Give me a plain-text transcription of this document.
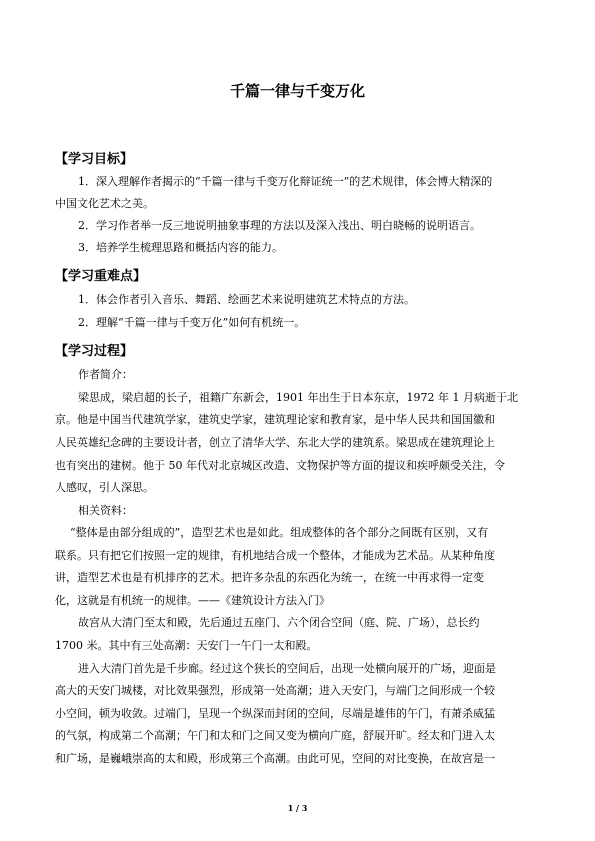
千篇一律与千变万化
【学习目标】
1．深入理解作者揭示的“千篇一律与千变万化辩证统一”的艺术规律，体会博大精深的
中国文化艺术之美。
2．学习作者举一反三地说明抽象事理的方法以及深入浅出、明白晓畅的说明语言。
3．培养学生梳理思路和概括内容的能力。
【学习重难点】
1．体会作者引入音乐、舞蹈、绘画艺术来说明建筑艺术特点的方法。
2．理解“千篇一律与千变万化”如何有机统一。
【学习过程】
作者简介：
梁思成，梁启超的长子，祖籍广东新会，1901 年出生于日本东京，1972 年 1 月病逝于北
京。他是中国当代建筑学家，建筑史学家，建筑理论家和教育家，是中华人民共和国国徽和
人民英雄纪念碑的主要设计者，创立了清华大学、东北大学的建筑系。梁思成在建筑理论上
也有突出的建树。他于 50 年代对北京城区改造、文物保护等方面的提议和疾呼颇受关注，令
人感叹，引人深思。
相关资料：
“整体是由部分组成的”，造型艺术也是如此。组成整体的各个部分之间既有区别，又有
联系。只有把它们按照一定的规律，有机地结合成一个整体，才能成为艺术品。从某种角度
讲，造型艺术也是有机排序的艺术。把许多杂乱的东西化为统一，在统一中再求得一定变
化，这就是有机统一的规律。——《建筑设计方法入门》
故宫从大清门至太和殿，先后通过五座门、六个闭合空间（庭、院、广场），总长约
1700 米。其中有三处高潮：天安门一午门一太和殿。
进入大清门首先是千步廊。经过这个狭长的空间后，出现一处横向展开的广场，迎面是
高大的天安门城楼，对比效果强烈，形成第一处高潮；进入天安门，与端门之间形成一个较
小空间，顿为收敛。过端门，呈现一个纵深而封闭的空间，尽端是雄伟的午门，有萧杀威猛
的气氛，构成第二个高潮；午门和太和门之间又变为横向广庭，舒展开旷。经太和门进入太
和广场，是巍峨崇高的太和殿，形成第三个高潮。由此可见，空间的对比变换，在故宫是一
1 / 3
